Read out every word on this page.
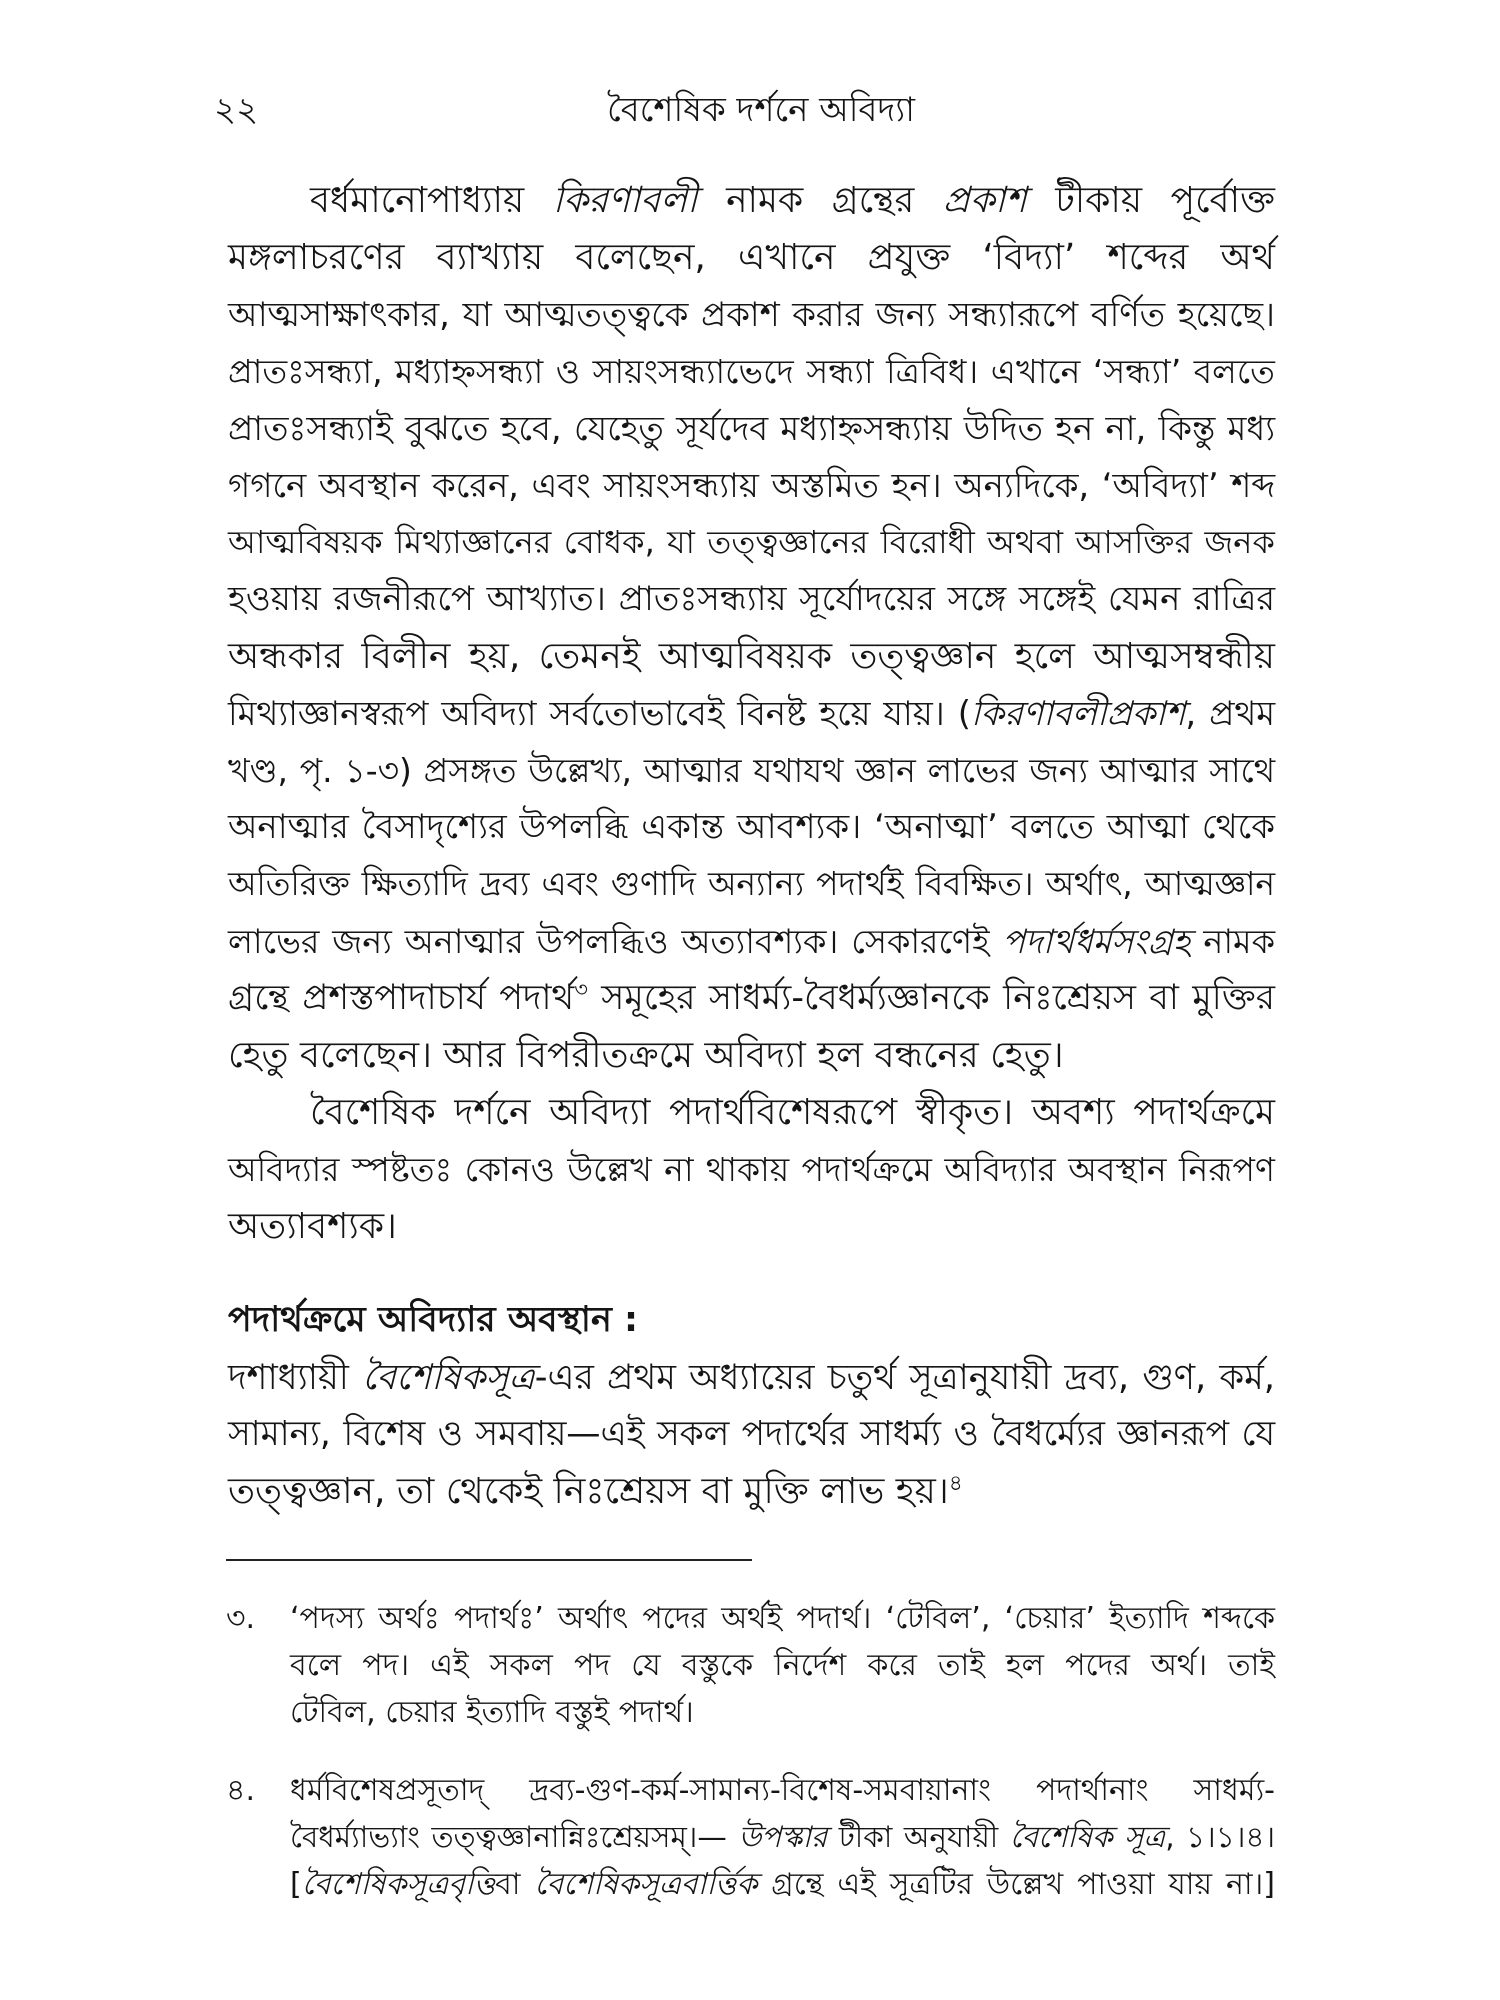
২২	বৈশেষিক দর্শনে অবিদ্যা
বর্ধমানোপাধ্যায় কিরণাবলী নামক গ্রন্থের প্রকাশ টীকায় পূর্বোক্ত
মঙ্গলাচরণের ব্যাখ্যায় বলেছেন, এখানে প্রযুক্ত ‘বিদ্যা’ শব্দের অর্থ
আত্মসাক্ষাৎকার, যা আত্মতত্ত্বকে প্রকাশ করার জন্য সন্ধ্যারূপে বর্ণিত হয়েছে।
প্রাতঃসন্ধ্যা, মধ্যাহ্নসন্ধ্যা ও সায়ংসন্ধ্যাভেদে সন্ধ্যা ত্রিবিধ। এখানে ‘সন্ধ্যা’ বলতে
প্রাতঃসন্ধ্যাই বুঝতে হবে, যেহেতু সূর্যদেব মধ্যাহ্নসন্ধ্যায় উদিত হন না, কিন্তু মধ্য
গগনে অবস্থান করেন, এবং সায়ংসন্ধ্যায় অস্তমিত হন। অন্যদিকে, ‘অবিদ্যা’ শব্দ
আত্মবিষয়ক মিথ্যাজ্ঞানের বোধক, যা তত্ত্বজ্ঞানের বিরোধী অথবা আসক্তির জনক
হওয়ায় রজনীরূপে আখ্যাত। প্রাতঃসন্ধ্যায় সূর্যোদয়ের সঙ্গে সঙ্গেই যেমন রাত্রির
অন্ধকার বিলীন হয়, তেমনই আত্মবিষয়ক তত্ত্বজ্ঞান হলে আত্মসম্বন্ধীয়
মিথ্যাজ্ঞানস্বরূপ অবিদ্যা সর্বতোভাবেই বিনষ্ট হয়ে যায়। (কিরণাবলীপ্রকাশ, প্রথম
খণ্ড, পৃ. ১-৩) প্রসঙ্গত উল্লেখ্য, আত্মার যথাযথ জ্ঞান লাভের জন্য আত্মার সাথে
অনাত্মার বৈসাদৃশ্যের উপলব্ধি একান্ত আবশ্যক। ‘অনাত্মা’ বলতে আত্মা থেকে
অতিরিক্ত ক্ষিত্যাদি দ্রব্য এবং গুণাদি অন্যান্য পদার্থই বিবক্ষিত। অর্থাৎ, আত্মজ্ঞান
লাভের জন্য অনাত্মার উপলব্ধিও অত্যাবশ্যক। সেকারণেই পদার্থধর্মসংগ্রহ নামক
গ্রন্থে প্রশস্তপাদাচার্য পদার্থ$^৩$ সমূহের সাধর্ম্য-বৈধর্ম্যজ্ঞানকে নিঃশ্রেয়স বা মুক্তির
হেতু বলেছেন। আর বিপরীতক্রমে অবিদ্যা হল বন্ধনের হেতু।
বৈশেষিক দর্শনে অবিদ্যা পদার্থবিশেষরূপে স্বীকৃত। অবশ্য পদার্থক্রমে
অবিদ্যার স্পষ্টতঃ কোনও উল্লেখ না থাকায় পদার্থক্রমে অবিদ্যার অবস্থান নিরূপণ
অত্যাবশ্যক।
পদার্থক্রমে অবিদ্যার অবস্থান :
দশাধ্যায়ী বৈশেষিকসূত্র-এর প্রথম অধ্যায়ের চতুর্থ সূত্রানুযায়ী দ্রব্য, গুণ, কর্ম,
সামান্য, বিশেষ ও সমবায়—এই সকল পদার্থের সাধর্ম্য ও বৈধর্ম্যের জ্ঞানরূপ যে
তত্ত্বজ্ঞান, তা থেকেই নিঃশ্রেয়স বা মুক্তি লাভ হয়।$^৪$
৩. ‘পদস্য অর্থঃ পদার্থঃ’ অর্থাৎ পদের অর্থই পদার্থ। ‘টেবিল’, ‘চেয়ার’ ইত্যাদি শব্দকে
বলে পদ। এই সকল পদ যে বস্তুকে নির্দেশ করে তাই হল পদের অর্থ। তাই
টেবিল, চেয়ার ইত্যাদি বস্তুই পদার্থ।
৪. ধর্মবিশেষপ্রসূতাদ্ দ্রব্য-গুণ-কর্ম-সামান্য-বিশেষ-সমবায়ানাং পদার্থানাং সাধর্ম্য-
বৈধর্ম্যাভ্যাং তত্ত্বজ্ঞানান্নিঃশ্রেয়সম্।— উপস্কার টীকা অনুযায়ী বৈশেষিক সূত্র, ১।১।৪।
[বৈশেষিকসূত্রবৃত্তিবা বৈশেষিকসূত্রবার্ত্তিক গ্রন্থে এই সূত্রটির উল্লেখ পাওয়া যায় না।]
